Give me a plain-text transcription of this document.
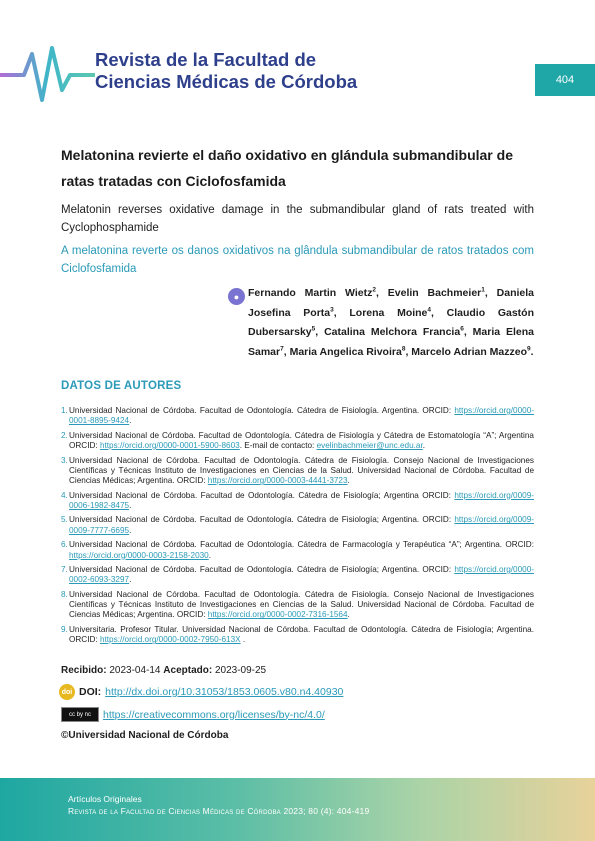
Revista de la Facultad de
Ciencias Médicas de Córdoba	404
Melatonina revierte el daño oxidativo en glándula submandibular de ratas tratadas con Ciclofosfamida
Melatonin reverses oxidative damage in the submandibular gland of rats treated with Cyclophosphamide
A melatonina reverte os danos oxidativos na glândula submandibular de ratos tratados com Ciclofosfamida
● Fernando Martin Wietz$^2$, Evelin Bachmeier$^1$, Daniela Josefina Porta$^3$, Lorena Moine$^4$, Claudio Gastón Dubersarsky$^5$, Catalina Melchora Francia$^6$, Maria Elena Samar$^7$, Maria Angelica Rivoira$^8$, Marcelo Adrian Mazzeo$^9$.
DATOS DE AUTORES
1. Universidad Nacional de Córdoba. Facultad de Odontología. Cátedra de Fisiología. Argentina. ORCID: https://orcid.org/0000-0001-8895-9424.
2. Universidad Nacional de Córdoba. Facultad de Odontología. Cátedra de Fisiología y Cátedra de Estomatología “A”; Argentina ORCID: https://orcid.org/0000-0001-5900-8603. E-mail de contacto: evelinbachmeier@unc.edu.ar.
3. Universidad Nacional de Córdoba. Facultad de Odontología. Cátedra de Fisiología. Consejo Nacional de Investigaciones Científicas y Técnicas Instituto de Investigaciones en Ciencias de la Salud. Universidad Nacional de Córdoba. Facultad de Ciencias Médicas; Argentina. ORCID: https://orcid.org/0000-0003-4441-3723.
4. Universidad Nacional de Córdoba. Facultad de Odontología. Cátedra de Fisiología; Argentina ORCID: https://orcid.org/0009-0006-1982-8475.
5. Universidad Nacional de Córdoba. Facultad de Odontología. Cátedra de Fisiología; Argentina. ORCID: https://orcid.org/0009-0009-7777-6695.
6. Universidad Nacional de Córdoba. Facultad de Odontología. Cátedra de Farmacología y Terapéutica “A”; Argentina. ORCID: https://orcid.org/0000-0003-2158-2030.
7. Universidad Nacional de Córdoba. Facultad de Odontología. Cátedra de Fisiología; Argentina. ORCID: https://orcid.org/0000-0002-6093-3297.
8. Universidad Nacional de Córdoba. Facultad de Odontología. Cátedra de Fisiología. Consejo Nacional de Investigaciones Científicas y Técnicas Instituto de Investigaciones en Ciencias de la Salud. Universidad Nacional de Córdoba. Facultad de Ciencias Médicas; Argentina. ORCID: https://orcid.org/0000-0002-7316-1564.
9. Universitaria. Profesor Titular. Universidad Nacional de Córdoba. Facultad de Odontología. Cátedra de Fisiología; Argentina. ORCID: https://orcid.org/0000-0002-7950-613X .
Recibido: 2023-04-14 Aceptado: 2023-09-25
doi DOI: http://dx.doi.org/10.31053/1853.0605.v80.n4.40930
cc by nc	https://creativecommons.org/licenses/by-nc/4.0/
©Universidad Nacional de Córdoba
Artículos Originales
Revista de la Facultad de Ciencias Médicas de Córdoba 2023; 80 (4): 404-419
